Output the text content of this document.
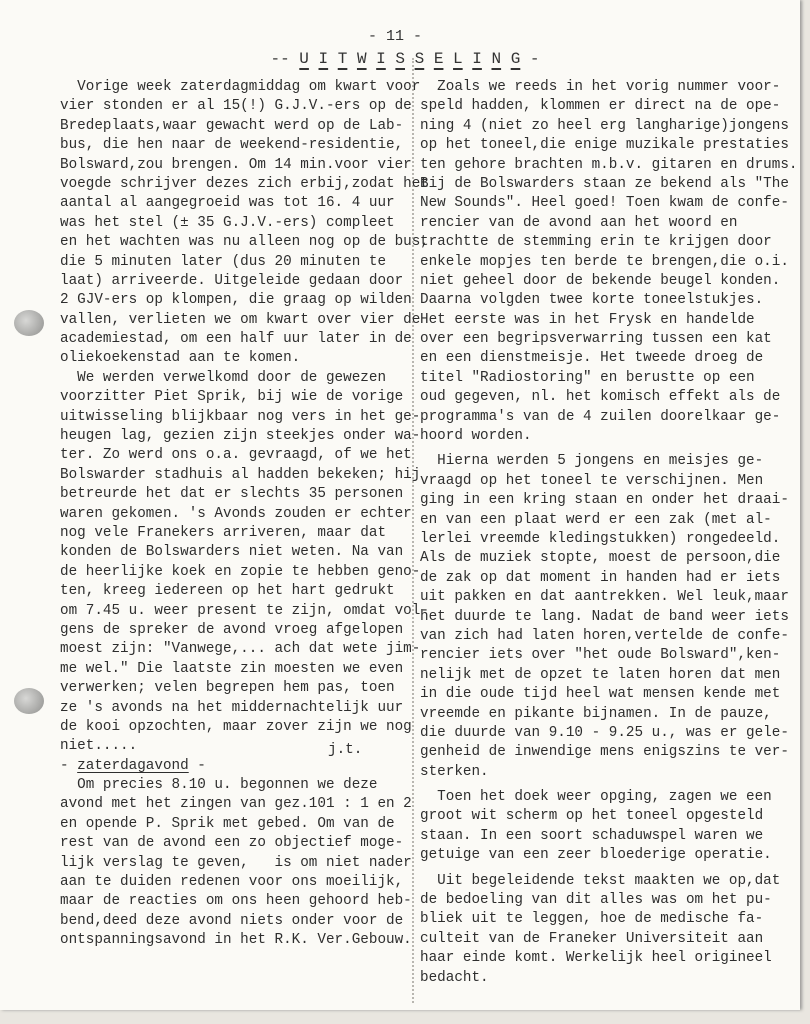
- 11 -
-- U I T W I S S E L I N G -
Vorige week zaterdagmiddag om kwart voor
vier stonden er al 15(!) G.J.V.-ers op de
Bredeplaats,waar gewacht werd op de Lab-
bus, die hen naar de weekend-residentie,
Bolsward,zou brengen. Om 14 min.voor vier
voegde schrijver dezes zich erbij,zodat het
aantal al aangegroeid was tot 16. 4 uur
was het stel (± 35 G.J.V.-ers) compleet
en het wachten was nu alleen nog op de bus,
die 5 minuten later (dus 20 minuten te
laat) arriveerde. Uitgeleide gedaan door
2 GJV-ers op klompen, die graag op wilden
vallen, verlieten we om kwart over vier de
academiestad, om een half uur later in de
oliekoekenstad aan te komen.
We werden verwelkomd door de gewezen
voorzitter Piet Sprik, bij wie de vorige
uitwisseling blijkbaar nog vers in het ge-
heugen lag, gezien zijn steekjes onder wa-
ter. Zo werd ons o.a. gevraagd, of we het
Bolswarder stadhuis al hadden bekeken; hij
betreurde het dat er slechts 35 personen
waren gekomen. 's Avonds zouden er echter
nog vele Franekers arriveren, maar dat
konden de Bolswarders niet weten. Na van
de heerlijke koek en zopie te hebben geno-
ten, kreeg iedereen op het hart gedrukt
om 7.45 u. weer present te zijn, omdat vol-
gens de spreker de avond vroeg afgelopen
moest zijn: "Vanwege,... ach dat wete jim-
me wel." Die laatste zin moesten we even
verwerken; velen begrepen hem pas, toen
ze 's avonds na het middernachtelijk uur
de kooi opzochten, maar zover zijn we nog
niet.....
- zaterdagavond -
Om precies 8.10 u. begonnen we deze
avond met het zingen van gez.101 : 1 en 2
en opende P. Sprik met gebed. Om van de
rest van de avond een zo objectief moge-
lijk verslag te geven,   is om niet nader
aan te duiden redenen voor ons moeilijk,
maar de reacties om ons heen gehoord heb-
bend,deed deze avond niets onder voor de
ontspanningsavond in het R.K. Ver.Gebouw.
j.t.
Zoals we reeds in het vorig nummer voor-
speld hadden, klommen er direct na de ope-
ning 4 (niet zo heel erg langharige)jongens
op het toneel,die enige muzikale prestaties
ten gehore brachten m.b.v. gitaren en drums.
Bij de Bolswarders staan ze bekend als "The
New Sounds". Heel goed! Toen kwam de confe-
rencier van de avond aan het woord en
trachtte de stemming erin te krijgen door
enkele mopjes ten berde te brengen,die o.i.
niet geheel door de bekende beugel konden.
Daarna volgden twee korte toneelstukjes.
Het eerste was in het Frysk en handelde
over een begripsverwarring tussen een kat
en een dienstmeisje. Het tweede droeg de
titel "Radiostoring" en berustte op een
oud gegeven, nl. het komisch effekt als de
programma's van de 4 zuilen doorelkaar ge-
hoord worden.
Hierna werden 5 jongens en meisjes ge-
vraagd op het toneel te verschijnen. Men
ging in een kring staan en onder het draai-
en van een plaat werd er een zak (met al-
lerlei vreemde kledingstukken) rongedeeld.
Als de muziek stopte, moest de persoon,die
de zak op dat moment in handen had er iets
uit pakken en dat aantrekken. Wel leuk,maar
het duurde te lang. Nadat de band weer iets
van zich had laten horen,vertelde de confe-
rencier iets over "het oude Bolsward",ken-
nelijk met de opzet te laten horen dat men
in die oude tijd heel wat mensen kende met
vreemde en pikante bijnamen. In de pauze,
die duurde van 9.10 - 9.25 u., was er gele-
genheid de inwendige mens enigszins te ver-
sterken.
Toen het doek weer opging, zagen we een
groot wit scherm op het toneel opgesteld
staan. In een soort schaduwspel waren we
getuige van een zeer bloederige operatie.
Uit begeleidende tekst maakten we op,dat
de bedoeling van dit alles was om het pu-
bliek uit te leggen, hoe de medische fa-
culteit van de Franeker Universiteit aan
haar einde komt. Werkelijk heel origineel
bedacht.
